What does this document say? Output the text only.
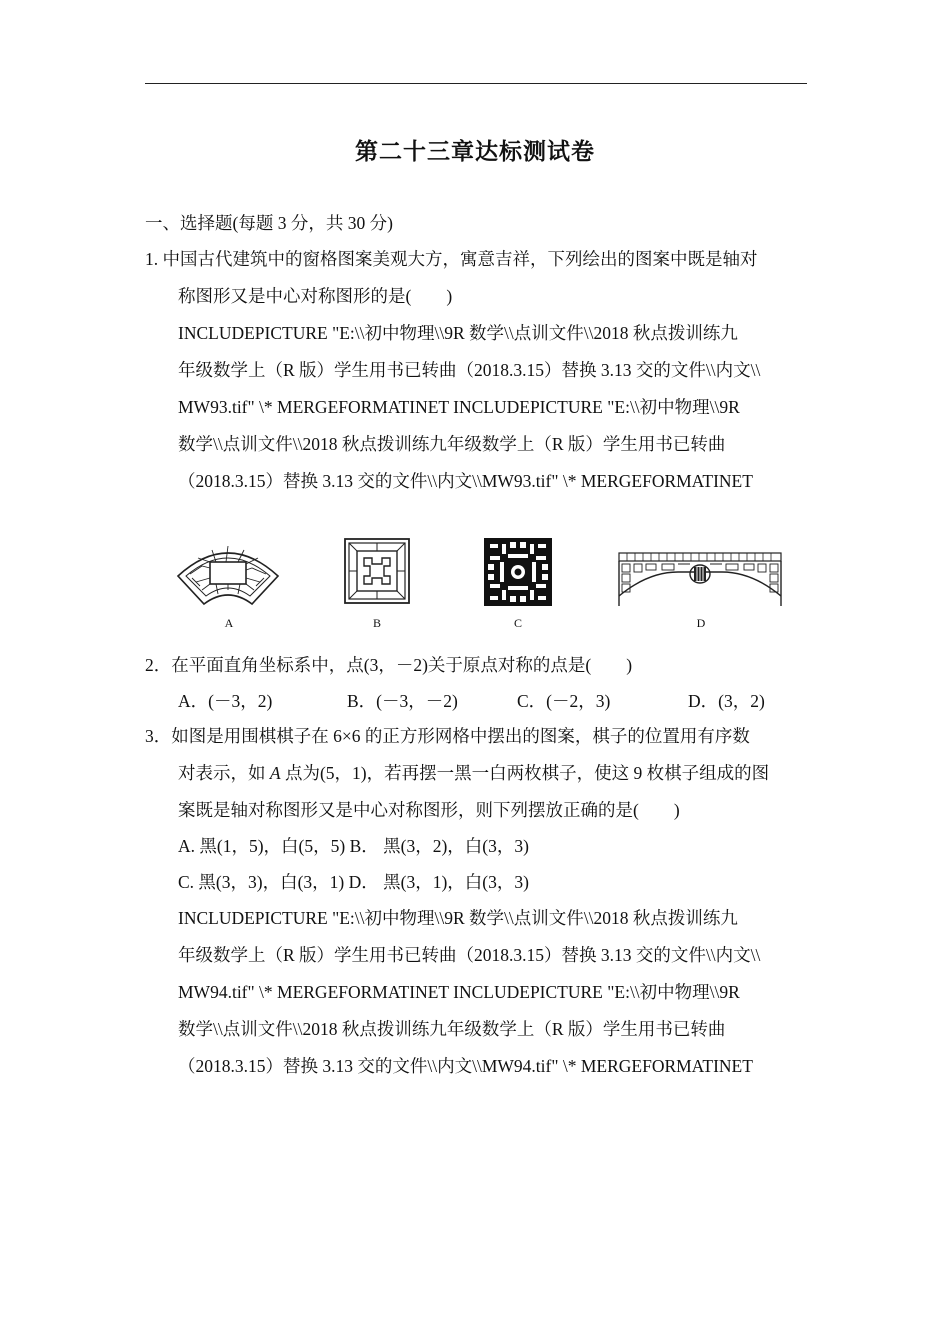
第二十三章达标测试卷
一、选择题(每题 3 分，共 30 分)
1. 中国古代建筑中的窗格图案美观大方，寓意吉祥，下列绘出的图案中既是轴对
称图形又是中心对称图形的是(　　)
INCLUDEPICTURE "E:\\初中物理\\9R 数学\\点训文件\\2018 秋点拨训练九
年级数学上（R 版）学生用书已转曲（2018.3.15）替换 3.13 交的文件\\内文\\
MW93.tif" \* MERGEFORMATINET INCLUDEPICTURE "E:\\初中物理\\9R
数学\\点训文件\\2018 秋点拨训练九年级数学上（R 版）学生用书已转曲
（2018.3.15）替换 3.13 交的文件\\内文\\MW93.tif" \* MERGEFORMATINET
A	B	C	D
2．在平面直角坐标系中，点(3，－2)关于原点对称的点是(　　)
A．(－3，2)	B．(－3，－2)	C．(－2，3)	D．(3，2)
3．如图是用围棋棋子在 6×6 的正方形网格中摆出的图案，棋子的位置用有序数
对表示，如 A 点为(5，1)，若再摆一黑一白两枚棋子，使这 9 枚棋子组成的图
案既是轴对称图形又是中心对称图形，则下列摆放正确的是(　　)
A. 黑(1，5)，白(5，5) B． 黑(3，2)，白(3，3)
C. 黑(3，3)，白(3，1) D． 黑(3，1)，白(3，3)
INCLUDEPICTURE "E:\\初中物理\\9R 数学\\点训文件\\2018 秋点拨训练九
年级数学上（R 版）学生用书已转曲（2018.3.15）替换 3.13 交的文件\\内文\\
MW94.tif" \* MERGEFORMATINET INCLUDEPICTURE "E:\\初中物理\\9R
数学\\点训文件\\2018 秋点拨训练九年级数学上（R 版）学生用书已转曲
（2018.3.15）替换 3.13 交的文件\\内文\\MW94.tif" \* MERGEFORMATINET
